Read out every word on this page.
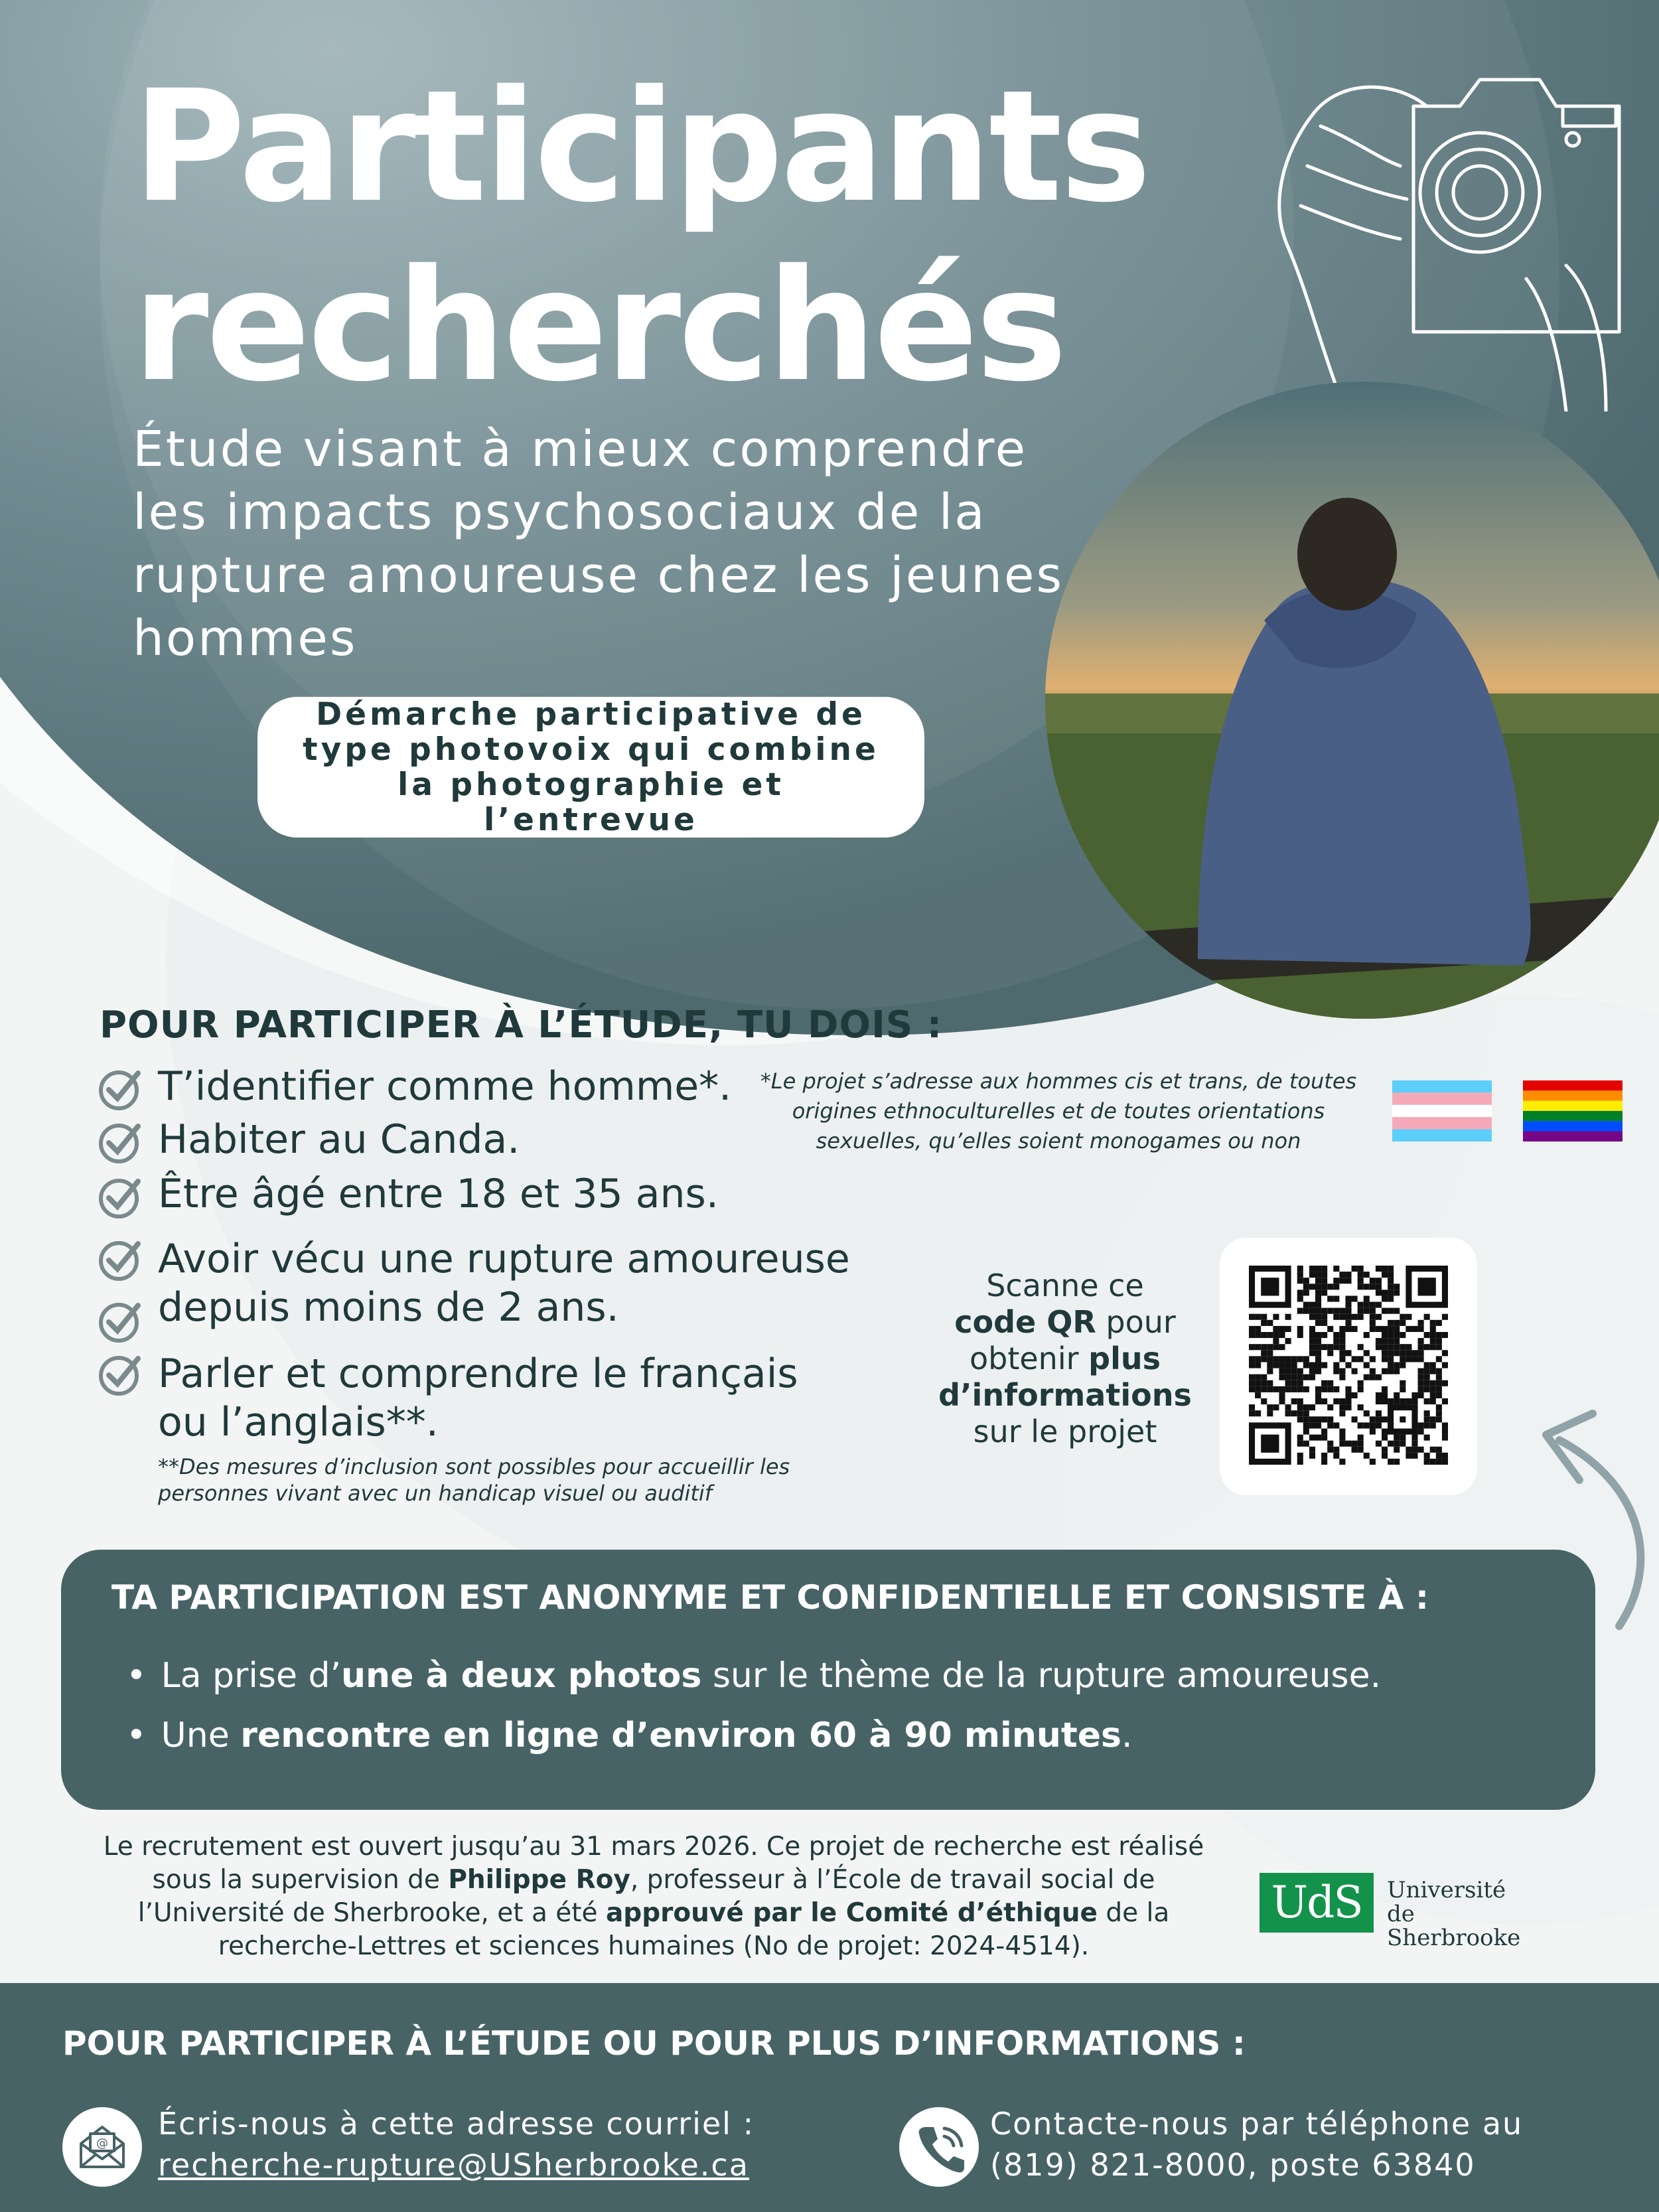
Participants
recherchés
Étude visant à mieux comprendre les impacts psychosociaux de la rupture amoureuse chez les jeunes hommes
Démarche participative de type photovoix qui combine la photographie et l’entrevue
POUR PARTICIPER À L’ÉTUDE, TU DOIS :
T’identifier comme homme*.
Habiter au Canda.
Être âgé entre 18 et 35 ans.
Avoir vécu une rupture amoureuse
depuis moins de 2 ans.
Parler et comprendre le français
ou l’anglais**.
**Des mesures d’inclusion sont possibles pour accueillir les
personnes vivant avec un handicap visuel ou auditif
*Le projet s’adresse aux hommes cis et trans, de toutes
origines ethnoculturelles et de toutes orientations
sexuelles, qu’elles soient monogames ou non
Scanne ce
code QR pour
obtenir plus
d’informations
sur le projet
TA PARTICIPATION EST ANONYME ET CONFIDENTIELLE ET CONSISTE À :
• La prise d’une à deux photos sur le thème de la rupture amoureuse.
• Une rencontre en ligne d’environ 60 à 90 minutes.
Le recrutement est ouvert jusqu’au 31 mars 2026. Ce projet de recherche est réalisé sous la supervision de Philippe Roy, professeur à l’École de travail social de l’Université de Sherbrooke, et a été approuvé par le Comité d’éthique de la recherche-Lettres et sciences humaines (No de projet: 2024-4514).
UdS	Université de
Sherbrooke
POUR PARTICIPER À L’ÉTUDE OU POUR PLUS D’INFORMATIONS :
@
Écris-nous à cette adresse courriel :
recherche-rupture@USherbrooke.ca
Contacte-nous par téléphone au
(819) 821-8000, poste 63840
